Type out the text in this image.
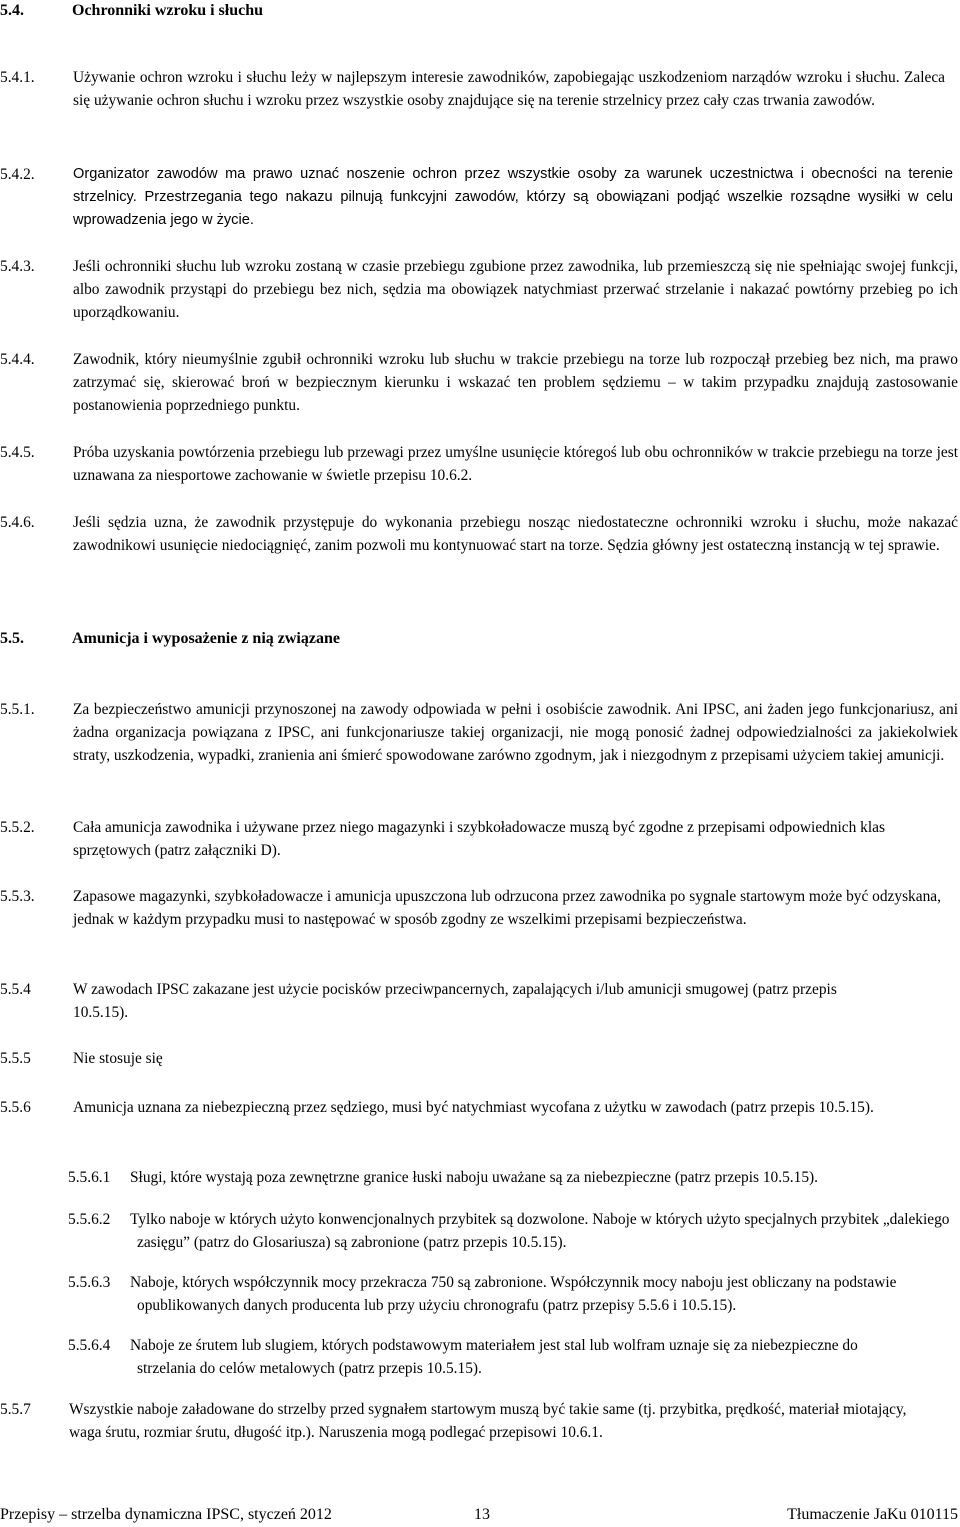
5.4.	Ochronniki wzroku i słuchu
5.4.1. Używanie ochron wzroku i słuchu leży w najlepszym interesie zawodników, zapobiegając uszkodzeniom narządów wzroku i słuchu. Zaleca się używanie ochron słuchu i wzroku przez wszystkie osoby znajdujące się na terenie strzelnicy przez cały czas trwania zawodów.
5.4.2.	Organizator zawodów ma prawo uznać noszenie ochron przez wszystkie osoby za warunek uczestnictwa i obecności na terenie strzelnicy. Przestrzegania tego nakazu pilnują funkcyjni zawodów, którzy są obowiązani podjąć wszelkie rozsądne wysiłki w celu wprowadzenia jego w życie.
5.4.3. Jeśli ochronniki słuchu lub wzroku zostaną w czasie przebiegu zgubione przez zawodnika, lub przemieszczą się nie spełniając swojej funkcji, albo zawodnik przystąpi do przebiegu bez nich, sędzia ma obowiązek natychmiast przerwać strzelanie i nakazać powtórny przebieg po ich uporządkowaniu.
5.4.4. Zawodnik, który nieumyślnie zgubił ochronniki wzroku lub słuchu w trakcie przebiegu na torze lub rozpoczął przebieg bez nich, ma prawo zatrzymać się, skierować broń w bezpiecznym kierunku i wskazać ten problem sędziemu – w takim przypadku znajdują zastosowanie postanowienia poprzedniego punktu.
5.4.5. Próba uzyskania powtórzenia przebiegu lub przewagi przez umyślne usunięcie któregoś lub obu ochronników w trakcie przebiegu na torze jest uznawana za niesportowe zachowanie w świetle przepisu 10.6.2.
5.4.6. Jeśli sędzia uzna, że zawodnik przystępuje do wykonania przebiegu nosząc niedostateczne ochronniki wzroku i słuchu, może nakazać zawodnikowi usunięcie niedociągnięć, zanim pozwoli mu kontynuować start na torze. Sędzia główny jest ostateczną instancją w tej sprawie.
5.5.	Amunicja i wyposażenie z nią związane
5.5.1. Za bezpieczeństwo amunicji przynoszonej na zawody odpowiada w pełni i osobiście zawodnik. Ani IPSC, ani żaden jego funkcjonariusz, ani żadna organizacja powiązana z IPSC, ani funkcjonariusze takiej organizacji, nie mogą ponosić żadnej odpowiedzialności za jakiekolwiek straty, uszkodzenia, wypadki, zranienia ani śmierć spowodowane zarówno zgodnym, jak i niezgodnym z przepisami użyciem takiej amunicji.
5.5.2. Cała amunicja zawodnika i używane przez niego magazynki i szybkoładowacze muszą być zgodne z przepisami odpowiednich klas sprzętowych (patrz załączniki D).
5.5.3. Zapasowe magazynki, szybkoładowacze i amunicja upuszczona lub odrzucona przez zawodnika po sygnale startowym może być odzyskana, jednak w każdym przypadku musi to następować w sposób zgodny ze wszelkimi przepisami bezpieczeństwa.
5.5.4	W zawodach IPSC zakazane jest użycie pocisków przeciwpancernych, zapalających i/lub amunicji smugowej (patrz przepis 10.5.15).
5.5.5	Nie stosuje się
5.5.6	Amunicja uznana za niebezpieczną przez sędziego, musi być natychmiast wycofana z użytku w zawodach (patrz przepis 10.5.15).
5.5.6.1 Sługi, które wystają poza zewnętrzne granice łuski naboju uważane są za niebezpieczne (patrz przepis 10.5.15).
5.5.6.2 Tylko naboje w których użyto konwencjonalnych przybitek są dozwolone. Naboje w których użyto specjalnych przybitek „dalekiego zasięgu” (patrz do Glosariusza) są zabronione (patrz przepis 10.5.15).
5.5.6.3 Naboje, których współczynnik mocy przekracza 750 są zabronione. Współczynnik mocy naboju jest obliczany na podstawie opublikowanych danych producenta lub przy użyciu chronografu (patrz przepisy 5.5.6 i 10.5.15).
5.5.6.4 Naboje ze śrutem lub slugiem, których podstawowym materiałem jest stal lub wolfram uznaje się za niebezpieczne do strzelania do celów metalowych (patrz przepis 10.5.15).
5.5.7 Wszystkie naboje załadowane do strzelby przed sygnałem startowym muszą być takie same (tj. przybitka, prędkość, materiał miotający, waga śrutu, rozmiar śrutu, długość itp.). Naruszenia mogą podlegać przepisowi 10.6.1.
Przepisy – strzelba dynamiczna IPSC, styczeń 2012	13	Tłumaczenie JaKu 010115
